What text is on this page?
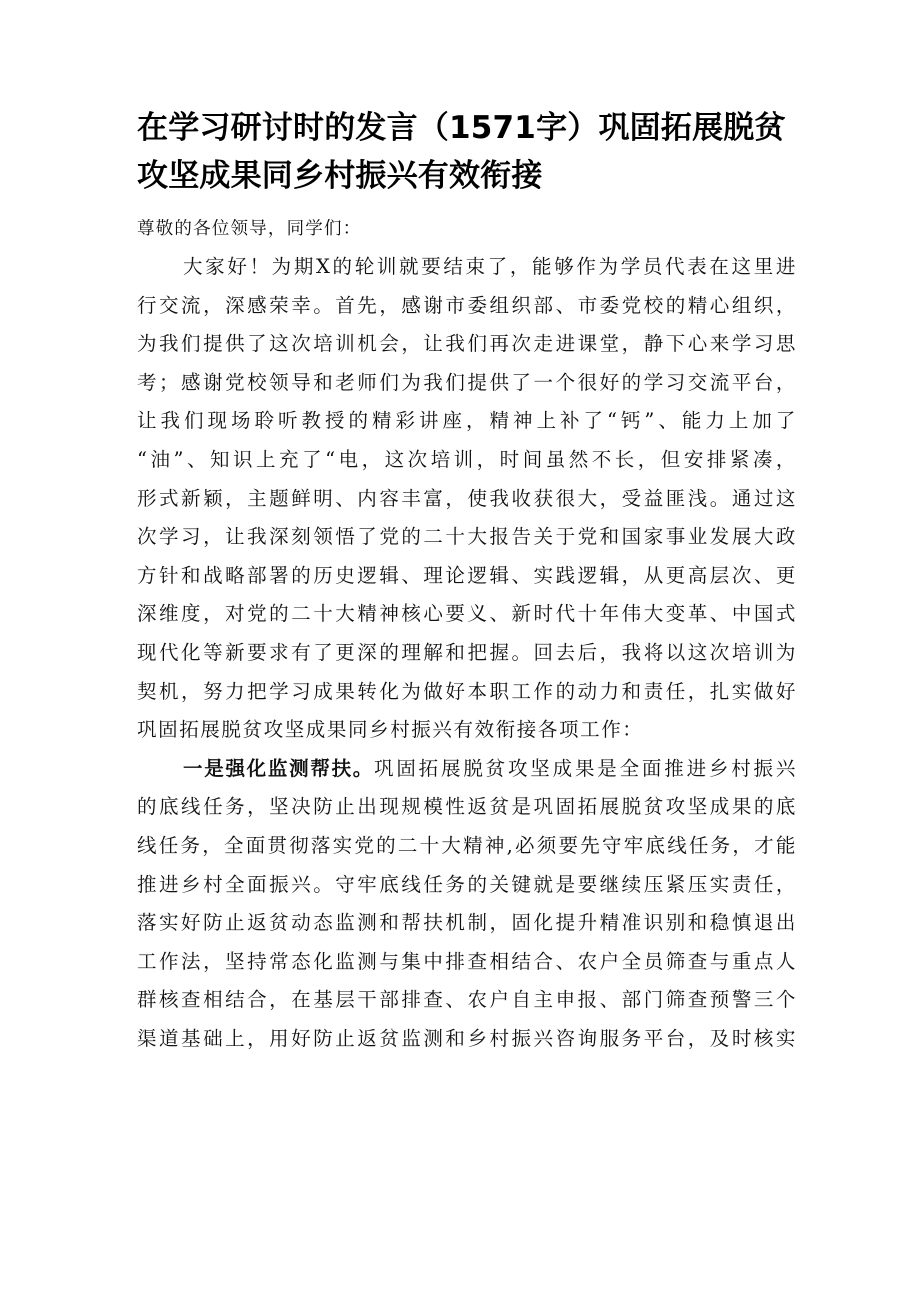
在学习研讨时的发言（1571字）巩固拓展脱贫
攻坚成果同乡村振兴有效衔接

尊敬的各位领导，同学们：

大家好！为期X的轮训就要结束了，能够作为学员代表在这里进
行交流，深感荣幸。首先，感谢市委组织部、市委党校的精心组织，
为我们提供了这次培训机会，让我们再次走进课堂，静下心来学习思
考；感谢党校领导和老师们为我们提供了一个很好的学习交流平台，
让我们现场聆听教授的精彩讲座，精神上补了“钙”、能力上加了
“油”、知识上充了“电，这次培训，时间虽然不长，但安排紧凑，
形式新颖，主题鲜明、内容丰富，使我收获很大，受益匪浅。通过这
次学习，让我深刻领悟了党的二十大报告关于党和国家事业发展大政
方针和战略部署的历史逻辑、理论逻辑、实践逻辑，从更高层次、更
深维度，对党的二十大精神核心要义、新时代十年伟大变革、中国式
现代化等新要求有了更深的理解和把握。回去后，我将以这次培训为
契机，努力把学习成果转化为做好本职工作的动力和责任，扎实做好
巩固拓展脱贫攻坚成果同乡村振兴有效衔接各项工作：
一是强化监测帮扶。巩固拓展脱贫攻坚成果是全面推进乡村振兴
的底线任务，坚决防止出现规模性返贫是巩固拓展脱贫攻坚成果的底
线任务，全面贯彻落实党的二十大精神,必须要先守牢底线任务，才能
推进乡村全面振兴。守牢底线任务的关键就是要继续压紧压实责任，
落实好防止返贫动态监测和帮扶机制，固化提升精准识别和稳慎退出
工作法，坚持常态化监测与集中排查相结合、农户全员筛查与重点人
群核查相结合，在基层干部排查、农户自主申报、部门筛查预警三个
渠道基础上，用好防止返贫监测和乡村振兴咨询服务平台，及时核实
